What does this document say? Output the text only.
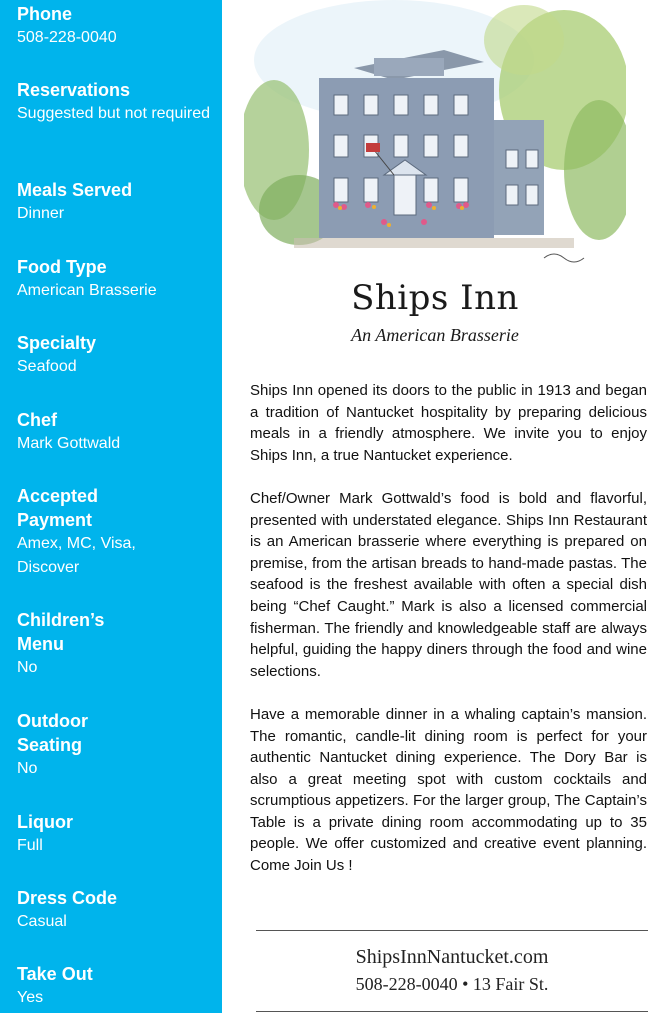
Phone
508-228-0040
Reservations
Suggested but not required
Meals Served
Dinner
Food Type
American Brasserie
Specialty
Seafood
Chef
Mark Gottwald
Accepted Payment
Amex, MC, Visa, Discover
Children’s Menu
No
Outdoor Seating
No
Liquor
Full
Dress Code
Casual
Take Out
Yes
Ships Inn
An American Brasserie

Ships Inn opened its doors to the public in 1913 and began a tradition of Nantucket hospitality by preparing delicious meals in a friendly atmosphere. We invite you to enjoy Ships Inn, a true Nantucket experience.

Chef/Owner Mark Gottwald’s food is bold and flavorful, presented with understated elegance. Ships Inn Restaurant is an American brasserie where everything is prepared on premise, from the artisan breads to hand-made pastas. The seafood is the freshest available with often a special dish being “Chef Caught.” Mark is also a licensed commercial fisherman. The friendly and knowledgeable staff are always helpful, guiding the happy diners through the food and wine selections.

Have a memorable dinner in a whaling captain’s mansion. The romantic, candle-lit dining room is perfect for your authentic Nantucket dining experience. The Dory Bar is also a great meeting spot with custom cocktails and scrumptious appetizers. For the larger group, The Captain’s Table is a private dining room accommodating up to 35 people. We offer customized and creative event planning. Come Join Us !

ShipsInnNantucket.com
508-228-0040 • 13 Fair St.
